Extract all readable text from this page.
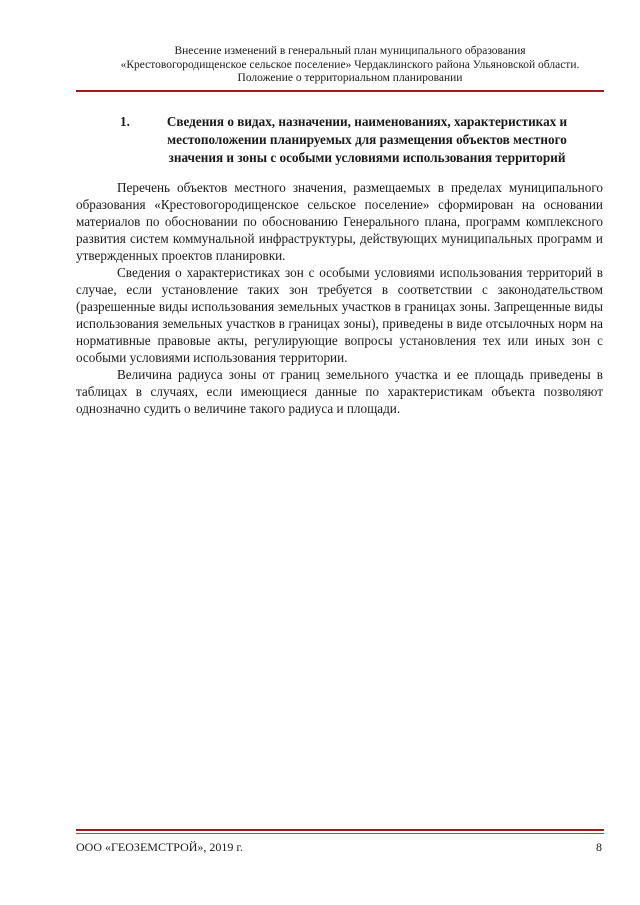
Внесение изменений в генеральный план муниципального образования
«Крестовогородищенское сельское поселение» Чердаклинского района Ульяновской области.
Положение о территориальном планировании
1.	Сведения о видах, назначении, наименованиях, характеристиках и местоположении планируемых для размещения объектов местного значения и зоны с особыми условиями использования территорий

Перечень объектов местного значения, размещаемых в пределах муниципального образования «Крестовогородищенское сельское поселение» сформирован на основании материалов по обосновании по обоснованию Генерального плана, программ комплексного развития систем коммунальной инфраструктуры, действующих муниципальных программ и утвержденных проектов планировки.

Сведения о характеристиках зон с особыми условиями использования территорий в случае, если установление таких зон требуется в соответствии с законодательством (разрешенные виды использования земельных участков в границах зоны. Запрещенные виды использования земельных участков в границах зоны), приведены в виде отсылочных норм на нормативные правовые акты, регулирующие вопросы установления тех или иных зон с особыми условиями использования территории.

Величина радиуса зоны от границ земельного участка и ее площадь приведены в таблицах в случаях, если имеющиеся данные по характеристикам объекта позволяют однозначно судить о величине такого радиуса и площади.

ООО «ГЕОЗЕМСТРОЙ», 2019 г.	8
